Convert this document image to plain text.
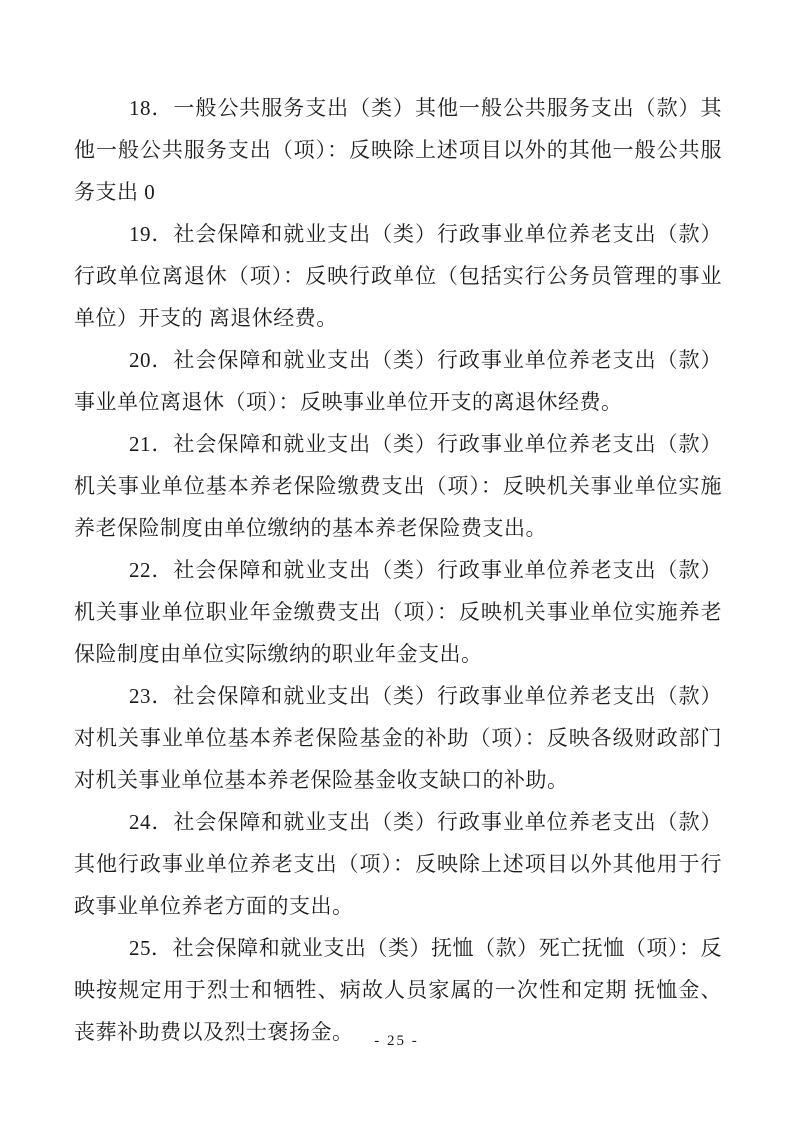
18．一般公共服务支出（类）其他一般公共服务支出（款）其他一般公共服务支出（项）：反映除上述项目以外的其他一般公共服务支出 0

19．社会保障和就业支出（类）行政事业单位养老支出（款）行政单位离退休（项）：反映行政单位（包括实行公务员管理的事业单位）开支的 离退休经费。

20．社会保障和就业支出（类）行政事业单位养老支出（款）事业单位离退休（项）：反映事业单位开支的离退休经费。

21．社会保障和就业支出（类）行政事业单位养老支出（款）机关事业单位基本养老保险缴费支出（项）：反映机关事业单位实施养老保险制度由单位缴纳的基本养老保险费支出。

22．社会保障和就业支出（类）行政事业单位养老支出（款）机关事业单位职业年金缴费支出（项）：反映机关事业单位实施养老保险制度由单位实际缴纳的职业年金支出。

23．社会保障和就业支出（类）行政事业单位养老支出（款）对机关事业单位基本养老保险基金的补助（项）：反映各级财政部门对机关事业单位基本养老保险基金收支缺口的补助。

24．社会保障和就业支出（类）行政事业单位养老支出（款）其他行政事业单位养老支出（项）：反映除上述项目以外其他用于行政事业单位养老方面的支出。

25．社会保障和就业支出（类）抚恤（款）死亡抚恤（项）：反映按规定用于烈士和牺牲、病故人员家属的一次性和定期 抚恤金、丧葬补助费以及烈士褒扬金。	- 25 -
